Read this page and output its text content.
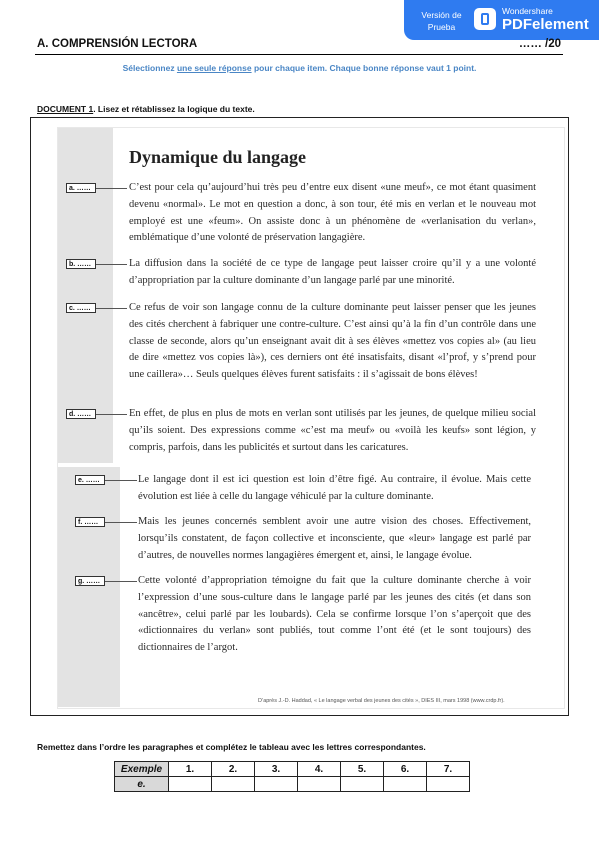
Versión de
Prueba
Wondershare
PDFelement
A. COMPRENSIÓN LECTORA	…… /20
Sélectionnez une seule réponse pour chaque item. Chaque bonne réponse vaut 1 point.
DOCUMENT 1. Lisez et rétablissez la logique du texte.
Dynamique du langage
a. ……	C’est pour cela qu’aujourd’hui très peu d’entre eux disent «une meuf», ce mot étant quasiment devenu «normal». Le mot en question a donc, à son tour, été mis en verlan et le nouveau mot employé est une «feum». On assiste donc à un phénomène de «verlanisation du verlan», emblématique d’une volonté de préservation langagière.
b. ……	La diffusion dans la société de ce type de langage peut laisser croire qu’il y a une volonté d’appropriation par la culture dominante d’un langage parlé par une minorité.
c. ……	Ce refus de voir son langage connu de la culture dominante peut laisser penser que les jeunes des cités cherchent à fabriquer une contre-culture. C’est ainsi qu’à la fin d’un contrôle dans une classe de seconde, alors qu’un enseignant avait dit à ses élèves «mettez vos copies al» (au lieu de dire «mettez vos copies là»), ces derniers ont été insatisfaits, disant «l’prof, y s’prend pour une caillera»… Seuls quelques élèves furent satisfaits : il s’agissait de bons élèves!
d. ……	En effet, de plus en plus de mots en verlan sont utilisés par les jeunes, de quelque milieu social qu’ils soient. Des expressions comme «c’est ma meuf» ou «voilà les keufs» sont légion, y compris, parfois, dans les publicités et surtout dans les caricatures.
e. ……	Le langage dont il est ici question est loin d’être figé. Au contraire, il évolue. Mais cette évolution est liée à celle du langage véhiculé par la culture dominante.
f. ……	Mais les jeunes concernés semblent avoir une autre vision des choses. Effectivement, lorsqu’ils constatent, de façon collective et inconsciente, que «leur» langage est parlé par d’autres, de nouvelles normes langagières émergent et, ainsi, le langage évolue.
g. ……	Cette volonté d’appropriation témoigne du fait que la culture dominante cherche à voir l’expression d’une sous-culture dans le langage parlé par les jeunes des cités (et dans son «ancêtre», celui parlé par les loubards). Cela se confirme lorsque l’on s’aperçoit que des «dictionnaires du verlan» sont publiés, tout comme l’ont été (et le sont toujours) des dictionnaires de l’argot.
D’après J.-D. Haddad, « Le langage verbal des jeunes des cités », DIES III, mars 1998 (www.crdp.fr).
Remettez dans l’ordre les paragraphes et complétez le tableau avec les lettres correspondantes.
Exemple	1.	2.	3.	4.	5.	6.	7.
e.							
